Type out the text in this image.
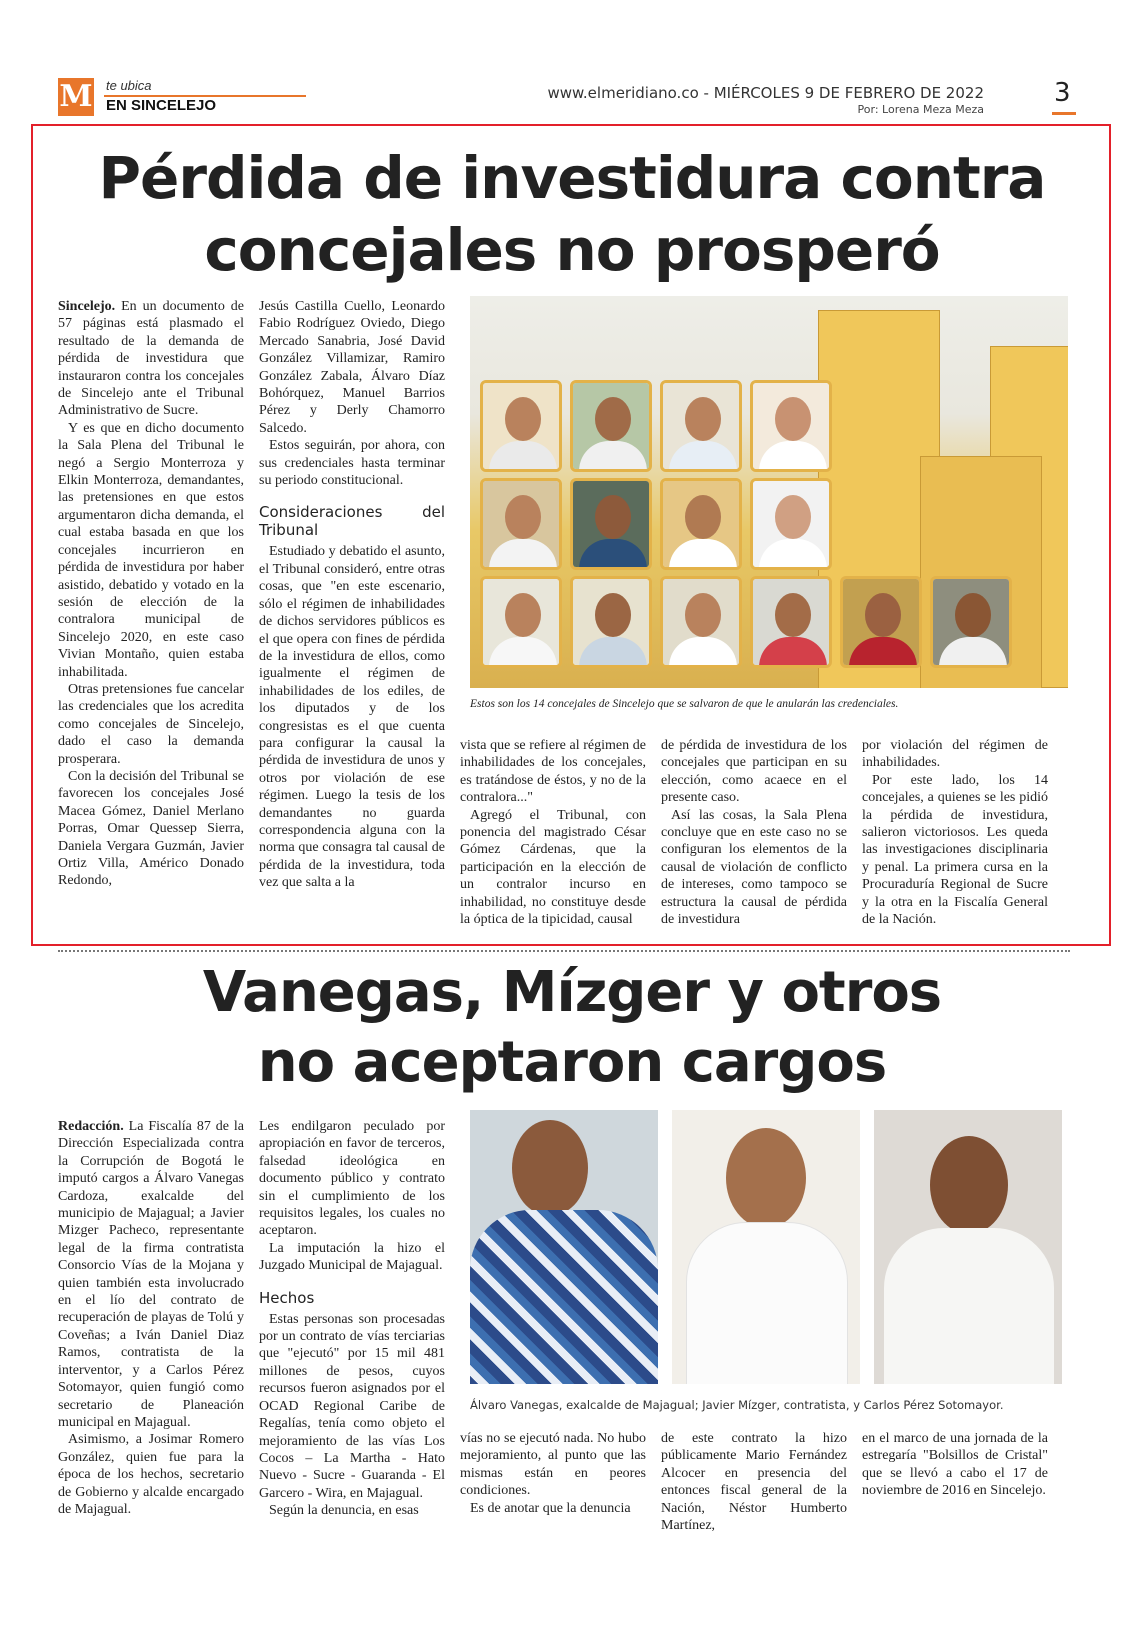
M te ubica
EN SINCELEJO
www.elmeridiano.co - MIÉRCOLES 9 DE FEBRERO DE 2022
Por: Lorena Meza Meza
3
Pérdida de investidura contra
concejales no prosperó

Sincelejo. En un documento de 57 páginas está plasmado el resultado de la demanda de pérdida de investidura que instauraron contra los concejales de Sincelejo ante el Tribunal Administrativo de Sucre.

Y es que en dicho documento la Sala Plena del Tribunal le negó a Sergio Monterroza y Elkin Monterroza, demandantes, las pretensiones en que estos argumentaron dicha demanda, el cual estaba basada en que los concejales incurrieron en pérdida de investidura por haber asistido, debatido y votado en la sesión de elección de la contralora municipal de Sincelejo 2020, en este caso Vivian Montaño, quien estaba inhabilitada.

Otras pretensiones fue cancelar las credenciales que los acredita como concejales de Sincelejo, dado el caso la demanda prosperara.

Con la decisión del Tribunal se favorecen los concejales José Macea Gómez, Daniel Merlano Porras, Omar Quessep Sierra, Daniela Vergara Guzmán, Javier Ortiz Villa, Américo Donado Redondo,

Jesús Castilla Cuello, Leonardo Fabio Rodríguez Oviedo, Diego Mercado Sanabria, José David González Villamizar, Ramiro González Zabala, Álvaro Díaz Bohórquez, Manuel Barrios Pérez y Derly Chamorro Salcedo.

Estos seguirán, por ahora, con sus credenciales hasta terminar su periodo constitucional.

Consideraciones del Tribunal

Estudiado y debatido el asunto, el Tribunal consideró, entre otras cosas, que "en este escenario, sólo el régimen de inhabilidades de dichos servidores públicos es el que opera con fines de pérdida de la investidura de ellos, como igualmente el régimen de inhabilidades de los ediles, de los diputados y de los congresistas es el que cuenta para configurar la causal la pérdida de investidura de unos y otros por violación de ese régimen. Luego la tesis de los demandantes no guarda correspondencia alguna con la norma que consagra tal causal de pérdida de la investidura, toda vez que salta a la

vista que se refiere al régimen de inhabilidades de los concejales, es tratándose de éstos, y no de la contralora..."

Agregó el Tribunal, con ponencia del magistrado César Gómez Cárdenas, que la participación en la elección de un contralor incurso en inhabilidad, no constituye desde la óptica de la tipicidad, causal

de pérdida de investidura de los concejales que participan en su elección, como acaece en el presente caso.

Así las cosas, la Sala Plena concluye que en este caso no se configuran los elementos de la causal de violación de conflicto de intereses, como tampoco se estructura la causal de pérdida de investidura

por violación del régimen de inhabilidades.

Por este lado, los 14 concejales, a quienes se les pidió la pérdida de investidura, salieron victoriosos. Les queda las investigaciones disciplinaria y penal. La primera cursa en la Procuraduría Regional de Sucre y la otra en la Fiscalía General de la Nación.

Estos son los 14 concejales de Sincelejo que se salvaron de que le anularán las credenciales.
Vanegas, Mízger y otros
no aceptaron cargos

Redacción. La Fiscalía 87 de la Dirección Especializada contra la Corrupción de Bogotá le imputó cargos a Álvaro Vanegas Cardoza, exalcalde del municipio de Majagual; a Javier Mizger Pacheco, representante legal de la firma contratista Consorcio Vías de la Mojana y quien también esta involucrado en el lío del contrato de recuperación de playas de Tolú y Coveñas; a Iván Daniel Diaz Ramos, contratista de la interventor, y a Carlos Pérez Sotomayor, quien fungió como secretario de Planeación municipal en Majagual.

Asimismo, a Josimar Romero González, quien fue para la época de los hechos, secretario de Gobierno y alcalde encargado de Majagual.

Les endilgaron peculado por apropiación en favor de terceros, falsedad ideológica en documento público y contrato sin el cumplimiento de los requisitos legales, los cuales no aceptaron.

La imputación la hizo el Juzgado Municipal de Majagual.

Hechos

Estas personas son procesadas por un contrato de vías terciarias que "ejecutó" por 15 mil 481 millones de pesos, cuyos recursos fueron asignados por el OCAD Regional Caribe de Regalías, tenía como objeto el mejoramiento de las vías Los Cocos – La Martha - Hato Nuevo - Sucre - Guaranda - El Garcero - Wira, en Majagual.

Según la denuncia, en esas

vías no se ejecutó nada. No hubo mejoramiento, al punto que las mismas están en peores condiciones.

Es de anotar que la denuncia

de este contrato la hizo públicamente Mario Fernández Alcocer en presencia del entonces fiscal general de la Nación, Néstor Humberto Martínez,

en el marco de una jornada de la estregaría "Bolsillos de Cristal" que se llevó a cabo el 17 de noviembre de 2016 en Sincelejo.

Álvaro Vanegas, exalcalde de Majagual; Javier Mízger, contratista, y Carlos Pérez Sotomayor.
